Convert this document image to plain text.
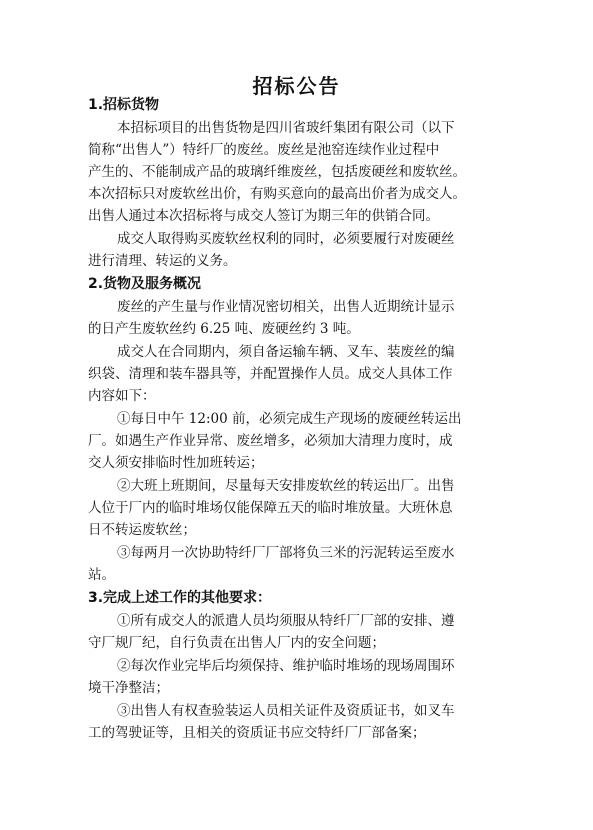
招标公告
1.招标货物
本招标项目的出售货物是四川省玻纤集团有限公司（以下
简称“出售人”）特纤厂的废丝。废丝是池窑连续作业过程中
产生的、不能制成产品的玻璃纤维废丝，包括废硬丝和废软丝。
本次招标只对废软丝出价，有购买意向的最高出价者为成交人。
出售人通过本次招标将与成交人签订为期三年的供销合同。
成交人取得购买废软丝权利的同时，必须要履行对废硬丝
进行清理、转运的义务。
2.货物及服务概况
废丝的产生量与作业情况密切相关，出售人近期统计显示
的日产生废软丝约 6.25 吨、废硬丝约 3 吨。
成交人在合同期内，须自备运输车辆、叉车、装废丝的编
织袋、清理和装车器具等，并配置操作人员。成交人具体工作
内容如下：
①每日中午 12:00 前，必须完成生产现场的废硬丝转运出
厂。如遇生产作业异常、废丝增多，必须加大清理力度时，成
交人须安排临时性加班转运；
②大班上班期间，尽量每天安排废软丝的转运出厂。出售
人位于厂内的临时堆场仅能保障五天的临时堆放量。大班休息
日不转运废软丝；
③每两月一次协助特纤厂厂部将负三米的污泥转运至废水
站。
3.完成上述工作的其他要求：
①所有成交人的派遣人员均须服从特纤厂厂部的安排、遵
守厂规厂纪，自行负责在出售人厂内的安全问题；
②每次作业完毕后均须保持、维护临时堆场的现场周围环
境干净整洁；
③出售人有权查验装运人员相关证件及资质证书，如叉车
工的驾驶证等，且相关的资质证书应交特纤厂厂部备案；
